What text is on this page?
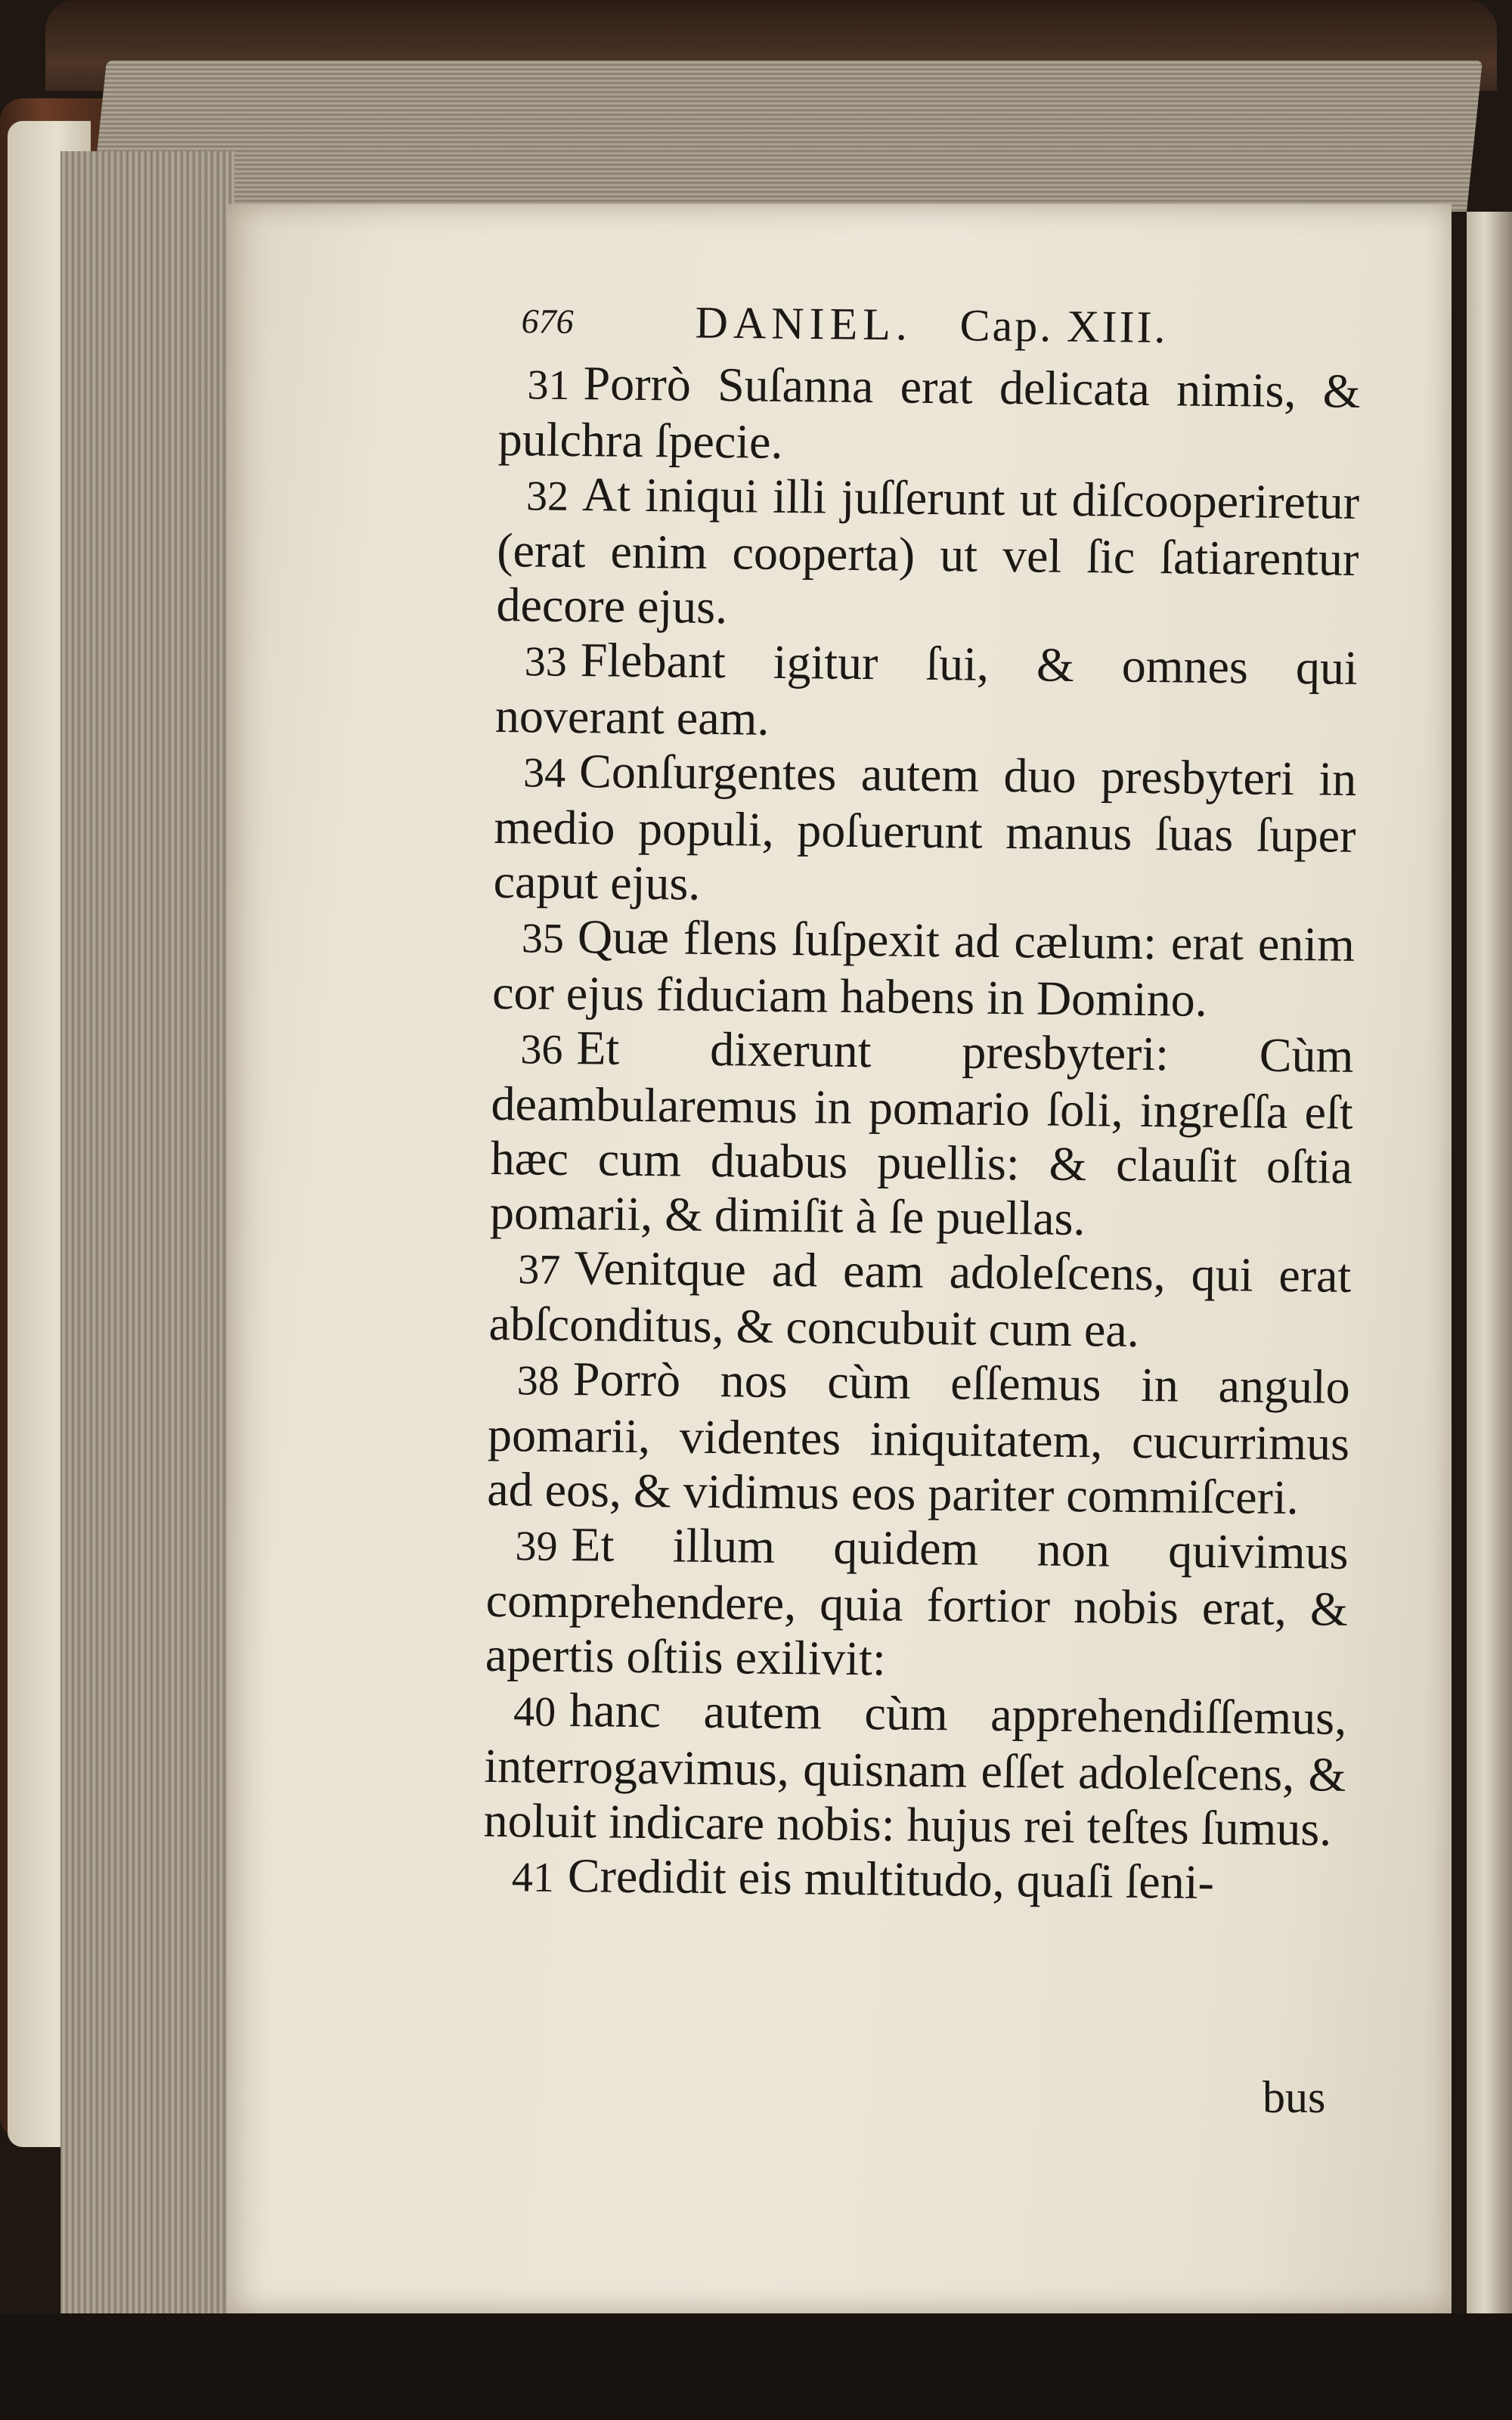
676	DANIEL. Cap. XIII.

31 Porrò Suſanna erat delicata nimis, & pulchra ſpecie.

32 At iniqui illi juſſerunt ut diſcooperiretur (erat enim cooperta) ut vel ſic ſatiarentur decore ejus.

33 Flebant igitur ſui, & omnes qui noverant eam.

34 Conſurgentes autem duo presbyteri in medio populi, poſuerunt manus ſuas ſuper caput ejus.

35 Quæ flens ſuſpexit ad cælum: erat enim cor ejus fiduciam habens in Domino.

36 Et dixerunt presbyteri: Cùm deambularemus in pomario ſoli, ingreſſa eſt hæc cum duabus puellis: & clauſit oſtia pomarii, & dimiſit à ſe puellas.

37 Venitque ad eam adoleſcens, qui erat abſconditus, & concubuit cum ea.

38 Porrò nos cùm eſſemus in angulo pomarii, videntes iniquitatem, cucurrimus ad eos, & vidimus eos pariter commiſceri.

39 Et illum quidem non quivimus comprehendere, quia fortior nobis erat, & apertis oſtiis exilivit:

40 hanc autem cùm apprehendiſſemus, interrogavimus, quisnam eſſet adoleſcens, & noluit indicare nobis: hujus rei teſtes ſumus.

41 Credidit eis multitudo, quaſi ſeni-

bus
